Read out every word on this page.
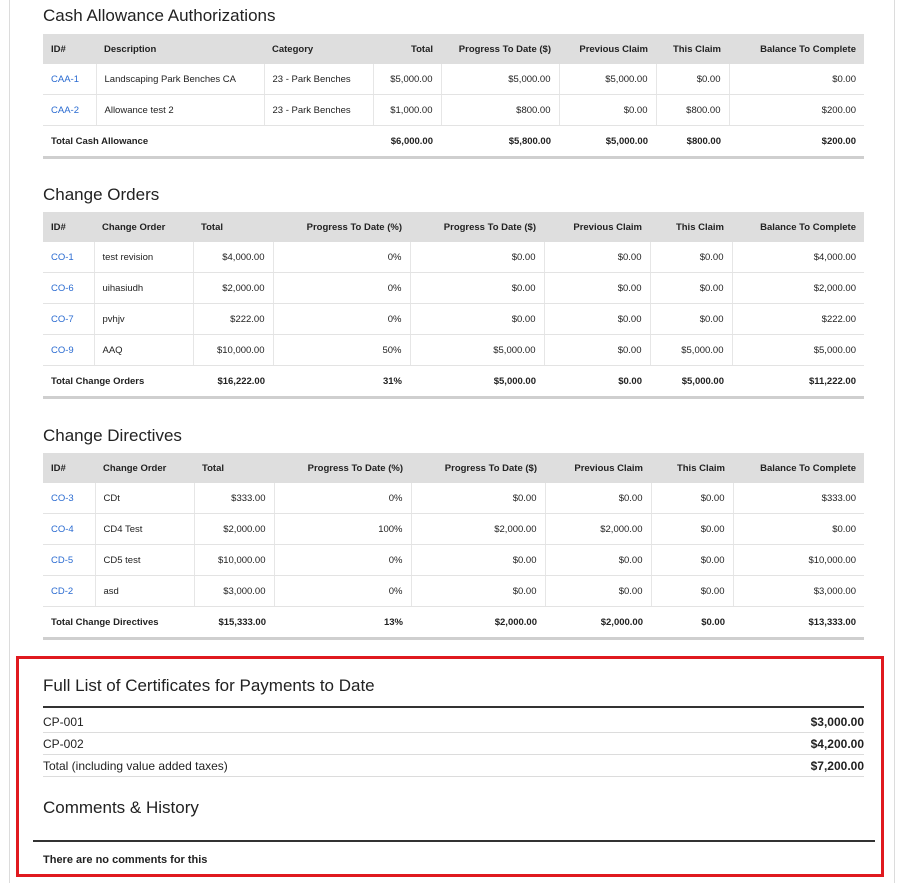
Cash Allowance Authorizations
ID#	Description	Category	Total	Progress To Date ($)	Previous Claim	This Claim	Balance To Complete
CAA-1	Landscaping Park Benches CA	23 - Park Benches	$5,000.00	$5,000.00	$5,000.00	$0.00	$0.00
CAA-2	Allowance test 2	23 - Park Benches	$1,000.00	$800.00	$0.00	$800.00	$200.00
Total Cash Allowance			$6,000.00	$5,800.00	$5,000.00	$800.00	$200.00
Change Orders
ID#	Change Order	Total	Progress To Date (%)	Progress To Date ($)	Previous Claim	This Claim	Balance To Complete
CO-1	test revision	$4,000.00	0%	$0.00	$0.00	$0.00	$4,000.00
CO-6	uihasiudh	$2,000.00	0%	$0.00	$0.00	$0.00	$2,000.00
CO-7	pvhjv	$222.00	0%	$0.00	$0.00	$0.00	$222.00
CO-9	AAQ	$10,000.00	50%	$5,000.00	$0.00	$5,000.00	$5,000.00
Total Change Orders		$16,222.00	31%	$5,000.00	$0.00	$5,000.00	$11,222.00
Change Directives
ID#	Change Order	Total	Progress To Date (%)	Progress To Date ($)	Previous Claim	This Claim	Balance To Complete
CO-3	CDt	$333.00	0%	$0.00	$0.00	$0.00	$333.00
CO-4	CD4 Test	$2,000.00	100%	$2,000.00	$2,000.00	$0.00	$0.00
CD-5	CD5 test	$10,000.00	0%	$0.00	$0.00	$0.00	$10,000.00
CD-2	asd	$3,000.00	0%	$0.00	$0.00	$0.00	$3,000.00
Total Change Directives		$15,333.00	13%	$2,000.00	$2,000.00	$0.00	$13,333.00
Full List of Certificates for Payments to Date
CP-001	$3,000.00
CP-002	$4,200.00
Total (including value added taxes)	$7,200.00
Comments & History
There are no comments for this
